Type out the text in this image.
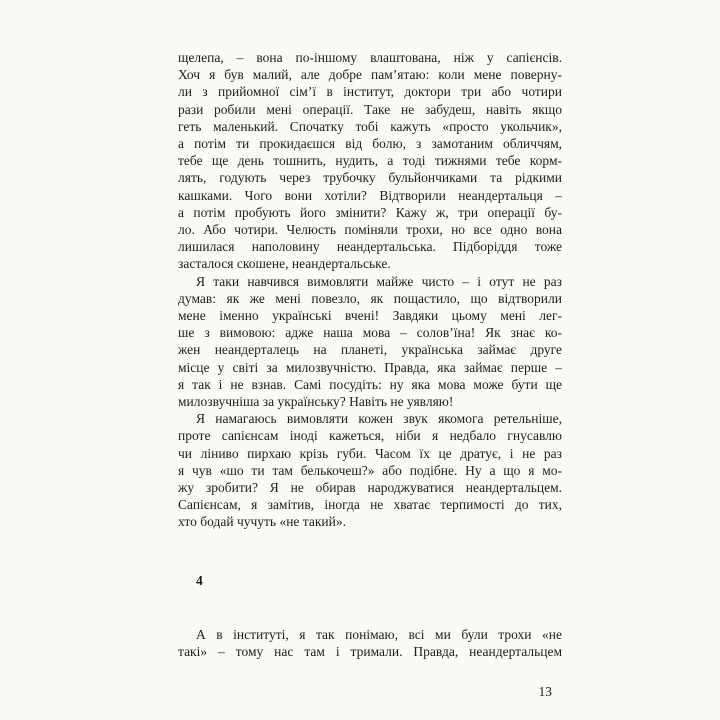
щелепа, – вона по-іншому влаштована, ніж у сапієнсів.
Хоч я був малий, але добре пам’ятаю: коли мене поверну-
ли з прийомної сім’ї в інститут, доктори три або чотири
рази робили мені операції. Таке не забудеш, навіть якщо
геть маленький. Спочатку тобі кажуть «просто укольчик»,
а потім ти прокидаєшся від болю, з замотаним обличчям,
тебе ще день тошнить, нудить, а тоді тижнями тебе корм-
лять, годують через трубочку бульйончиками та рідкими
кашками. Чого вони хотіли? Відтворили неандертальця –
а потім пробують його змінити? Кажу ж, три операції бу-
ло. Або чотири. Челюсть поміняли трохи, но все одно вона
лишилася наполовину неандертальська. Підборіддя тоже
засталося скошене, неандертальське.
Я таки навчився вимовляти майже чисто – і отут не раз
думав: як же мені повезло, як пощастило, що відтворили
мене іменно українські вчені! Завдяки цьому мені лег-
ше з вимовою: адже наша мова – солов’їна! Як знає ко-
жен неандерталець на планеті, українська займає друге
місце у світі за милозвучністю. Правда, яка займає перше –
я так і не взнав. Самі посудіть: ну яка мова може бути ще
милозвучніша за українську? Навіть не уявляю!
Я намагаюсь вимовляти кожен звук якомога ретельніше,
проте сапієнсам іноді кажеться, ніби я недбало гнусавлю
чи ліниво пирхаю крізь губи. Часом їх це дратує, і не раз
я чув «шо ти там белькочеш?» або подібне. Ну а що я мо-
жу зробити? Я не обирав народжуватися неандертальцем.
Сапієнсам, я замітив, іногда не хватає терпимості до тих,
хто бодай чучуть «не такий».
4
А в інституті, я так понімаю, всі ми були трохи «не
такі» – тому нас там і тримали. Правда, неандертальцем
13
